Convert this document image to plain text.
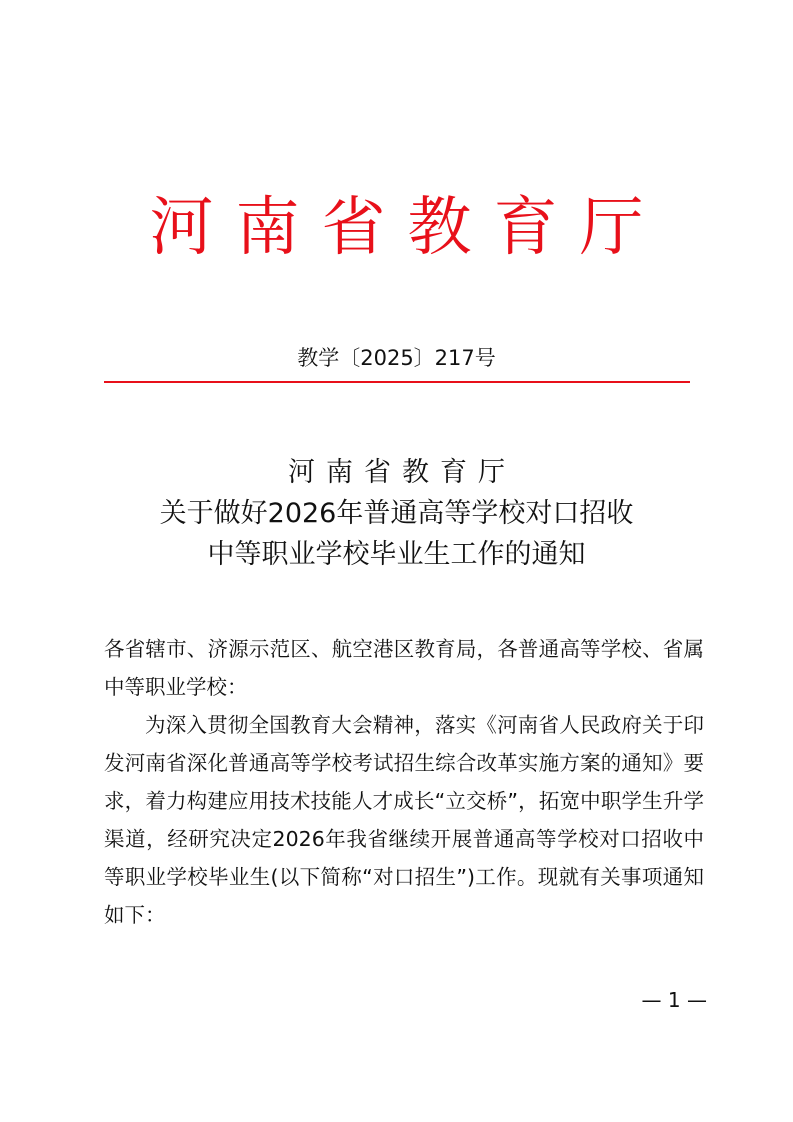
河南省教育厅
教学〔2025〕217号
河南省教育厅
关于做好2026年普通高等学校对口招收
中等职业学校毕业生工作的通知

各省辖市、济源示范区、航空港区教育局，各普通高等学校、省属中等职业学校：

为深入贯彻全国教育大会精神，落实《河南省人民政府关于印发河南省深化普通高等学校考试招生综合改革实施方案的通知》要求，着力构建应用技术技能人才成长“立交桥”，拓宽中职学生升学渠道，经研究决定2026年我省继续开展普通高等学校对口招收中等职业学校毕业生(以下简称“对口招生”)工作。现就有关事项通知如下：

— 1 —
